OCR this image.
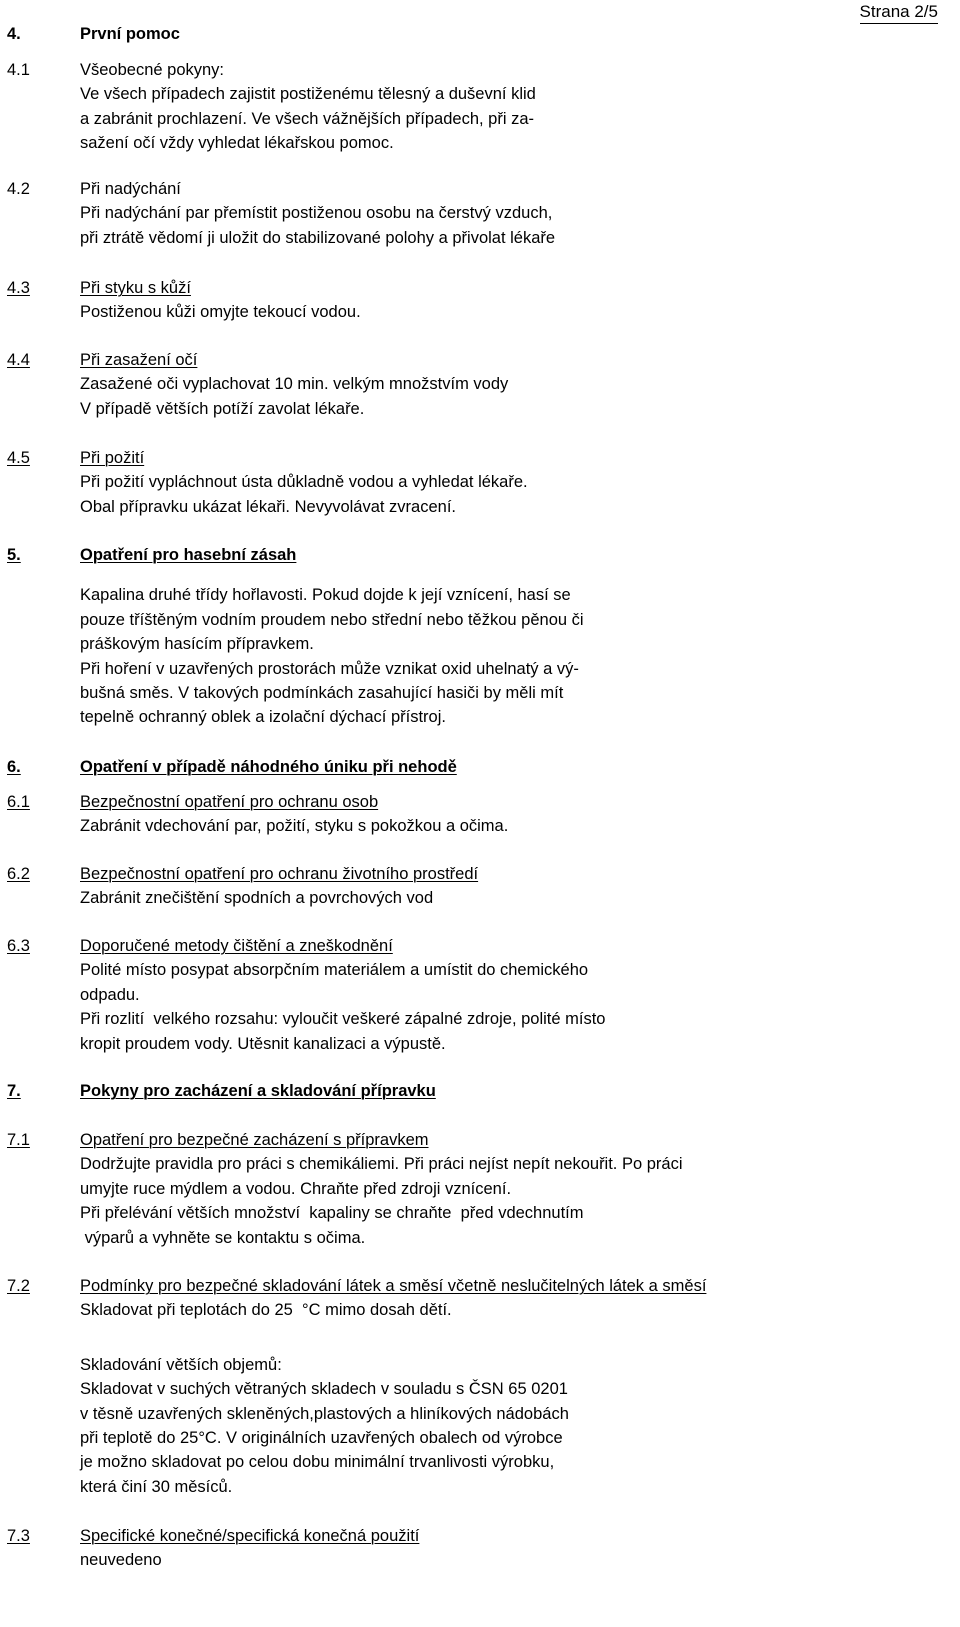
Strana 2/5
4.	První pomoc
4.1	Všeobecné pokyny:
Ve všech případech zajistit postiženému tělesný a duševní klid
a zabránit prochlazení. Ve všech vážnějších případech, při za-
sažení očí vždy vyhledat lékařskou pomoc.
4.2	Při nadýchání
Při nadýchání par přemístit postiženou osobu na čerstvý vzduch,
při ztrátě vědomí ji uložit do stabilizované polohy a přivolat lékaře
4.3	Při styku s kůží
Postiženou kůži omyjte tekoucí vodou.
4.4	Při zasažení očí
Zasažené oči vyplachovat 10 min. velkým množstvím vody
V případě větších potíží zavolat lékaře.
4.5	Při požití
Při požití vypláchnout ústa důkladně vodou a vyhledat lékaře.
Obal přípravku ukázat lékaři. Nevyvolávat zvracení.
5.	Opatření pro hasební zásah

Kapalina druhé třídy hořlavosti. Pokud dojde k její vznícení, hasí se
pouze tříštěným vodním proudem nebo střední nebo těžkou pěnou či
práškovým hasícím přípravkem.
Při hoření v uzavřených prostorách může vznikat oxid uhelnatý a vý-
bušná směs. V takových podmínkách zasahující hasiči by měli mít
tepelně ochranný oblek a izolační dýchací přístroj.
6.	Opatření v případě náhodného úniku při nehodě
6.1	Bezpečnostní opatření pro ochranu osob
Zabránit vdechování par, požití, styku s pokožkou a očima.
6.2	Bezpečnostní opatření pro ochranu životního prostředí
Zabránit znečištění spodních a povrchových vod
6.3	Doporučené metody čištění a zneškodnění
Polité místo posypat absorpčním materiálem a umístit do chemického
odpadu.
Při rozlití  velkého rozsahu: vyloučit veškeré zápalné zdroje, polité místo
kropit proudem vody. Utěsnit kanalizaci a výpustě.
7.	Pokyny pro zacházení a skladování přípravku
7.1	Opatření pro bezpečné zacházení s přípravkem
Dodržujte pravidla pro práci s chemikáliemi. Při práci nejíst nepít nekouřit. Po práci
umyjte ruce mýdlem a vodou. Chraňte před zdroji vznícení.
Při přelévání větších množství  kapaliny se chraňte  před vdechnutím
výparů a vyhněte se kontaktu s očima.
7.2	Podmínky pro bezpečné skladování látek a směsí včetně neslučitelných látek a směsí
Skladovat při teplotách do 25  °C mimo dosah dětí.

Skladování větších objemů:
Skladovat v suchých větraných skladech v souladu s ČSN 65 0201
v těsně uzavřených skleněných,plastových a hliníkových nádobách
při teplotě do 25°C. V originálních uzavřených obalech od výrobce
je možno skladovat po celou dobu minimální trvanlivosti výrobku,
která činí 30 měsíců.
7.3	Specifické konečné/specifická konečná použití
neuvedeno
